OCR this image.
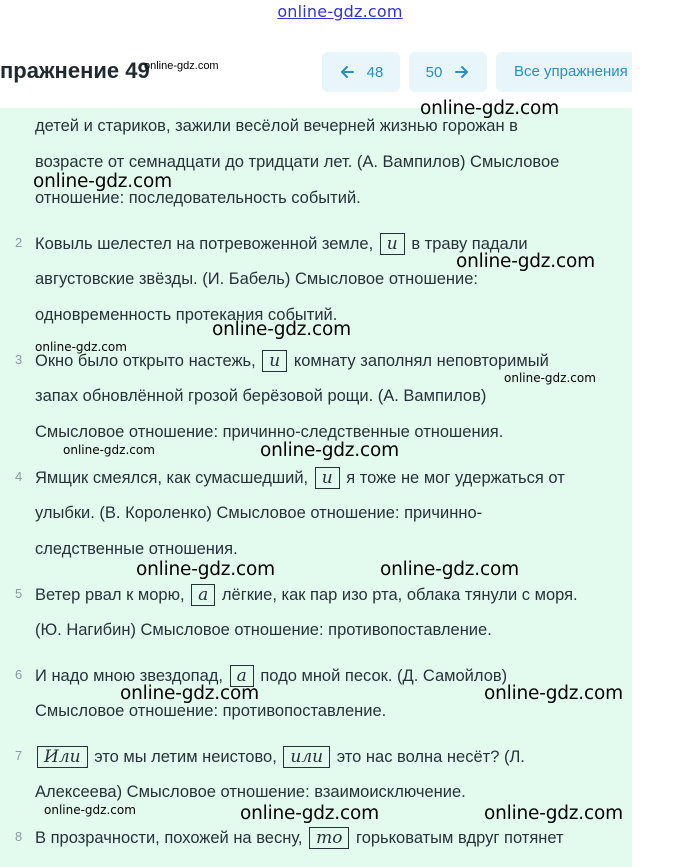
online-gdz.com
пражнение 49
online-gdz.com	48	50	Все упражнения
детей и стариков, зажили весёлой вечерней жизнью горожан в
возрасте от семнадцати до тридцати лет. (А. Вампилов) Смысловое
отношение: последовательность событий.
2 Ковыль шелестел на потревоженной земле, и в траву падали
августовские звёзды. (И. Бабель) Смысловое отношение:
одновременность протекания событий.
3 Окно было открыто настежь, и комнату заполнял неповторимый
запах обновлённой грозой берёзовой рощи. (А. Вампилов)
Смысловое отношение: причинно-следственные отношения.
4 Ямщик смеялся, как сумасшедший, и я тоже не мог удержаться от
улыбки. (В. Короленко) Смысловое отношение: причинно-
следственные отношения.
5 Ветер рвал к морю, а лёгкие, как пар изо рта, облака тянули с моря.
(Ю. Нагибин) Смысловое отношение: противопоставление.
6 И надо мною звездопад, а подо мной песок. (Д. Самойлов)
Смысловое отношение: противопоставление.
7	Или это мы летим неистово, или это нас волна несёт? (Л.
Алексеева) Смысловое отношение: взаимоисключение.
8 В прозрачности, похожей на весну, то горьковатым вдруг потянет
online-gdz.com
online-gdz.com
online-gdz.com
online-gdz.com
online-gdz.com
online-gdz.com
online-gdz.com	online-gdz.com
online-gdz.com	online-gdz.com
online-gdz.com	online-gdz.com
online-gdz.com	online-gdz.com	online-gdz.com
